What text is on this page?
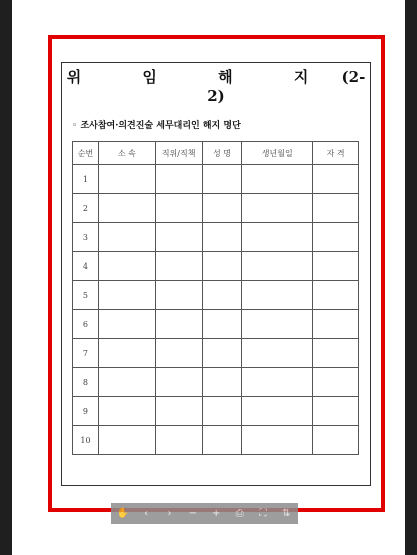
위 임 해 지 (2-2)
◦ 조사참여·의견진술 세무대리인 해지 명단
순번	소 속	직위/직책	성 명	생년월일	자 격
1					
2					
3					
4					
5					
6					
7					
8					
9					
10					
✋	‹	›	−	+	⎙	⛶	⇅
